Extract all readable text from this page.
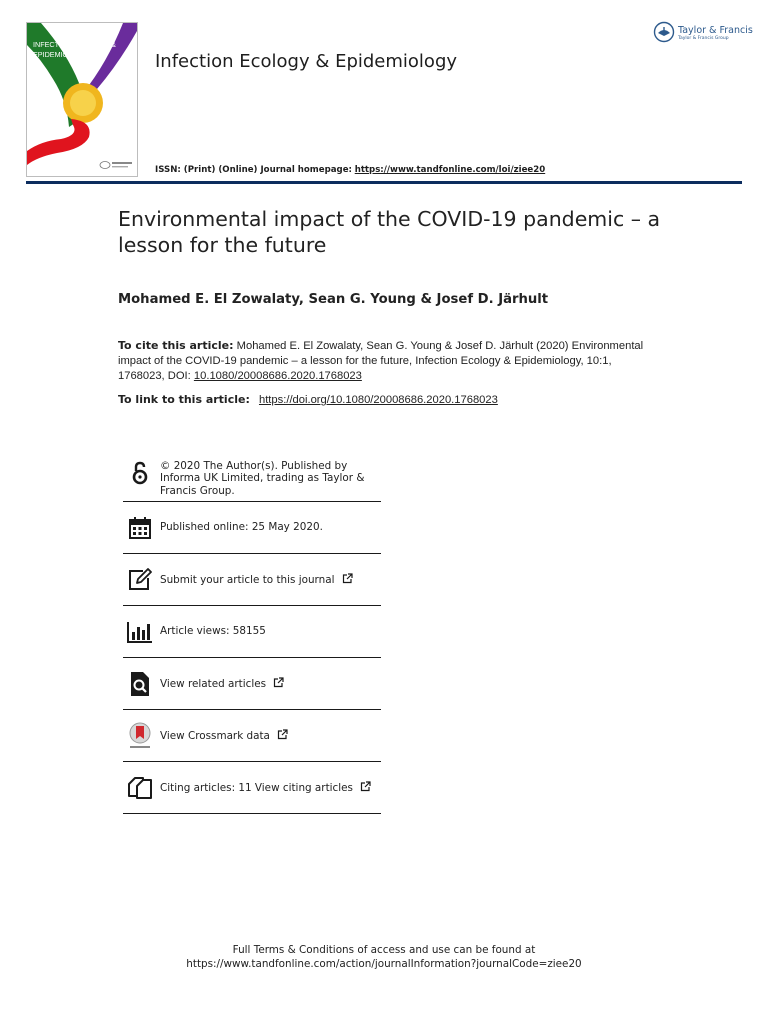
INFECTION ECOLOGY & EPIDEMIOLOGY	Infection Ecology & Epidemiology
Taylor & Francis
Taylor & Francis Group
ISSN: (Print) (Online) Journal homepage: https://www.tandfonline.com/loi/ziee20
Environmental impact of the COVID-19 pandemic – a lesson for the future
Mohamed E. El Zowalaty, Sean G. Young & Josef D. Järhult
To cite this article: Mohamed E. El Zowalaty, Sean G. Young & Josef D. Järhult (2020) Environmental impact of the COVID-19 pandemic – a lesson for the future, Infection Ecology & Epidemiology, 10:1, 1768023, DOI: 10.1080/20008686.2020.1768023
To link to this article: https://doi.org/10.1080/20008686.2020.1768023
© 2020 The Author(s). Published by Informa UK Limited, trading as Taylor & Francis Group.
Published online: 25 May 2020.
Submit your article to this journal
Article views: 58155
View related articles
View Crossmark data
Citing articles: 11 View citing articles
Full Terms & Conditions of access and use can be found at
https://www.tandfonline.com/action/journalInformation?journalCode=ziee20
